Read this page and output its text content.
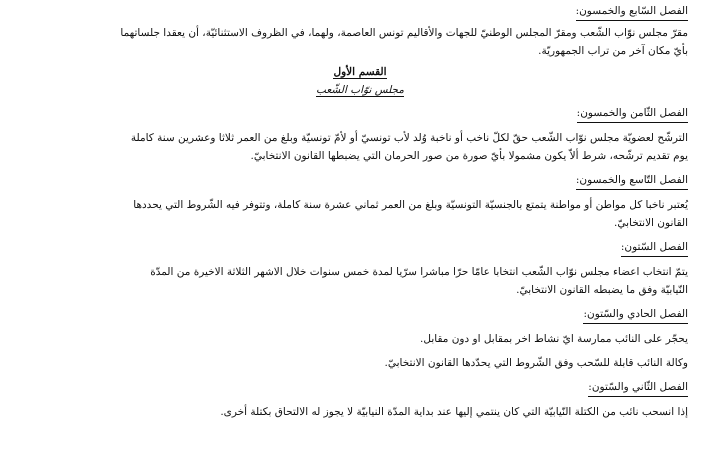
الفصل السّابع والخمسون:

مقرّ مجلس نوّاب الشّعب ومقرّ المجلس الوطنيّ للجهات والأقاليم تونس العاصمة، ولهما، في الظروف الاستثنائيّة، أن يعقدا جلساتهما

بأيّ مكان آخر من تراب الجمهوريّة.

القسم الأول
مجلس نوّاب الشّعب
الفصل الثّامن والخمسون:

الترشّح لعضويّة مجلس نوّاب الشّعب حقّ لكلّ ناخب أو ناخبة وُلد لأب تونسيّ أو لأمّ تونسيّة وبلغ من العمر ثلاثا وعشرين سنة كاملة

يوم تقديم ترشّحه، شرط ألاّ يكون مشمولا بأيّ صورة من صور الحرمان التي يضبطها القانون الانتخابيّ.

الفصل التّاسع والخمسون:

يُعتبر ناخبا كل مواطن أو مواطنة يتمتع بالجنسيّة التونسيّة وبلغ من العمر ثماني عشرة سنة كاملة، وتتوفر فيه الشّروط التي يحددها

القانون الانتخابيّ.

الفصل السّتون:

يتمّ انتخاب اعضاء مجلس نوّاب الشّعب انتخابا عامّا حرّا مباشرا سرّيا لمدة خمس سنوات خلال الاشهر الثلاثة الاخيرة من المدّة

النّيابيّة وفق ما يضبطه القانون الانتخابيّ.

الفصل الحادي والسّتون:

يحجّر على النائب ممارسة ايّ نشاط اخر بمقابل او دون مقابل.

وكالة النائب قابلة للسّحب وفق الشّروط التي يحدّدها القانون الانتخابيّ.

الفصل الثّاني والسّتون:

إذا انسحب نائب من الكتلة النّيابيّة التي كان ينتمي إليها عند بداية المدّة النيابيّة لا يجوز له الالتحاق بكتلة أخرى.
